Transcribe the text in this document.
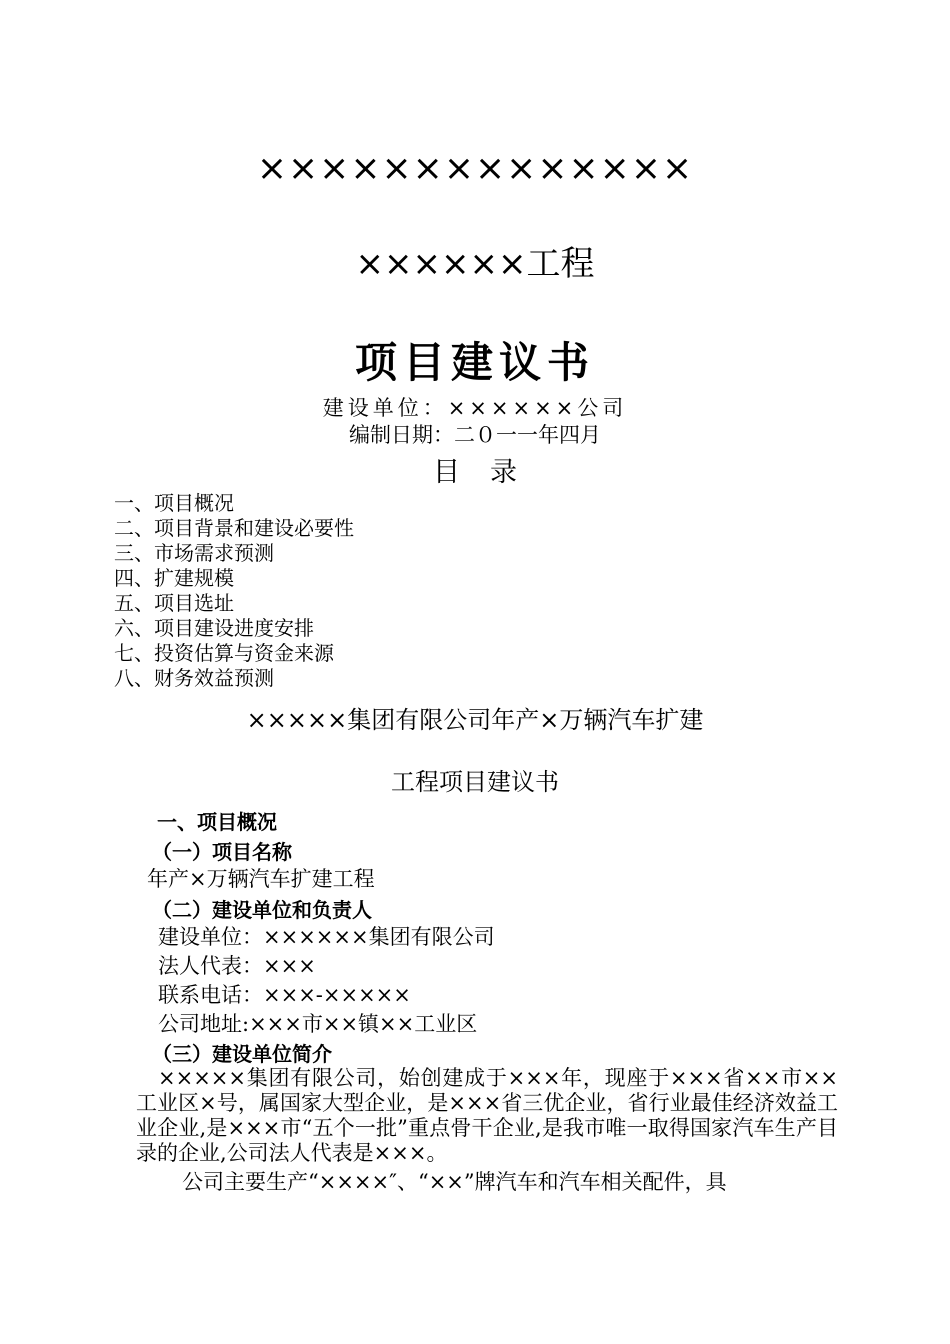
××××××××××××××
××××××工程
项目建议书
建设单位：××××××公司
编制日期：二０一一年四月
目录
一、项目概况
二、项目背景和建设必要性
三、市场需求预测
四、扩建规模
五、项目选址
六、项目建设进度安排
七、投资估算与资金来源
八、财务效益预测
×××××集团有限公司年产×万辆汽车扩建
工程项目建议书
一、项目概况
（一）项目名称
年产×万辆汽车扩建工程
（二）建设单位和负责人
建设单位：××××××集团有限公司
法人代表：×××
联系电话：×××-×××××
公司地址:×××市××镇××工业区
（三）建设单位简介

×××××集团有限公司，始创建成于×××年，现座于×××省××市××工业区×号，属国家大型企业，是×××省三优企业，省行业最佳经济效益工业企业,是×××市“五个一批”重点骨干企业,是我市唯一取得国家汽车生产目录的企业,公司法人代表是×××。

公司主要生产“××××″、“××”牌汽车和汽车相关配件，具
